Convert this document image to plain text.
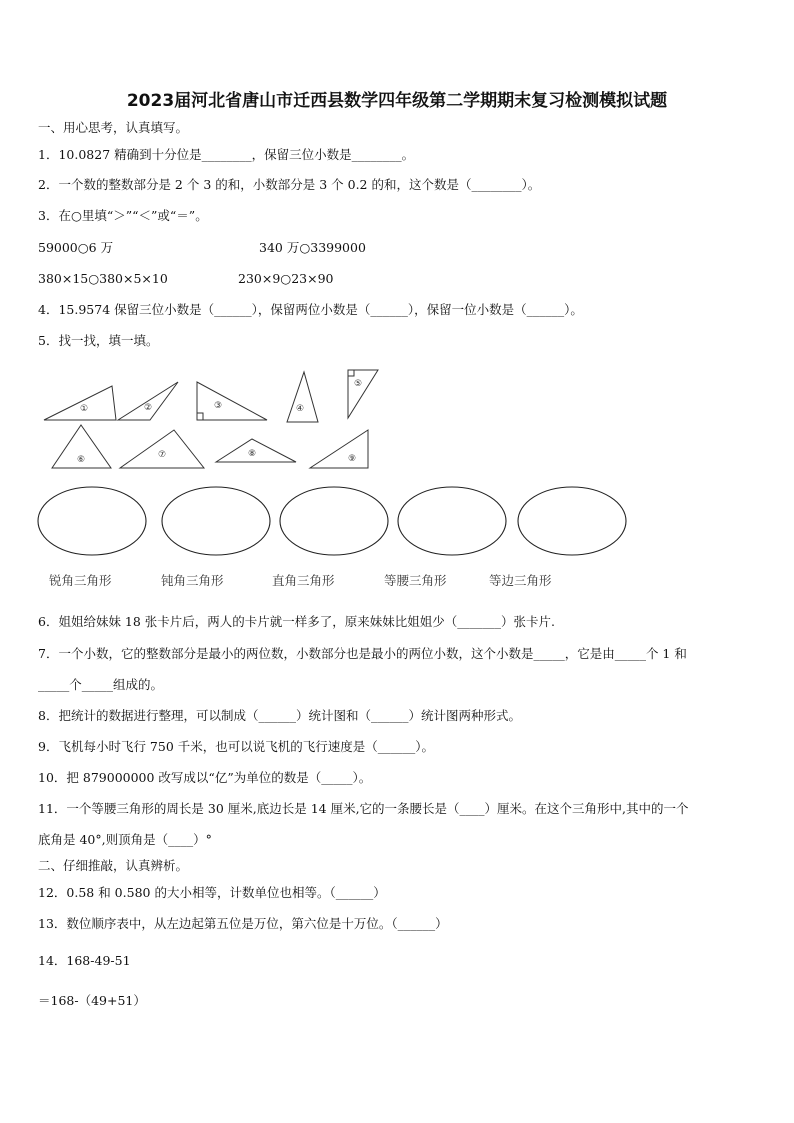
2023届河北省唐山市迁西县数学四年级第二学期期末复习检测模拟试题
一、用心思考，认真填写。
1．10.0827 精确到十分位是________，保留三位小数是________。
2．一个数的整数部分是 2 个 3 的和，小数部分是 3 个 0.2 的和，这个数是（________）。
3．在○里填“＞”“＜”或“＝”。
59000○6 万	340 万○3399000
380×15○380×5×10	230×9○23×90
4．15.9574 保留三位小数是（______），保留两位小数是（______），保留一位小数是（______）。
5．找一找，填一填。
①	②	③	④
⑤
⑥	⑦	⑧	⑨
锐角三角形	钝角三角形	直角三角形	等腰三角形	等边三角形
6．姐姐给妹妹 18 张卡片后，两人的卡片就一样多了，原来妹妹比姐姐少（_______）张卡片.
7．一个小数，它的整数部分是最小的两位数，小数部分也是最小的两位小数，这个小数是_____，它是由_____个 1 和
_____个_____组成的。
8．把统计的数据进行整理，可以制成（______）统计图和（______）统计图两种形式。
9．飞机每小时飞行 750 千米，也可以说飞机的飞行速度是（______）。
10．把 879000000 改写成以“亿”为单位的数是（_____）。
11．一个等腰三角形的周长是 30 厘米,底边长是 14 厘米,它的一条腰长是（____）厘米。在这个三角形中,其中的一个
底角是 40°,则顶角是（____）°
二、仔细推敲，认真辨析。
12．0.58 和 0.580 的大小相等，计数单位也相等。（______）
13．数位顺序表中，从左边起第五位是万位，第六位是十万位。（______）
14．168-49-51
＝168-（49+51）
